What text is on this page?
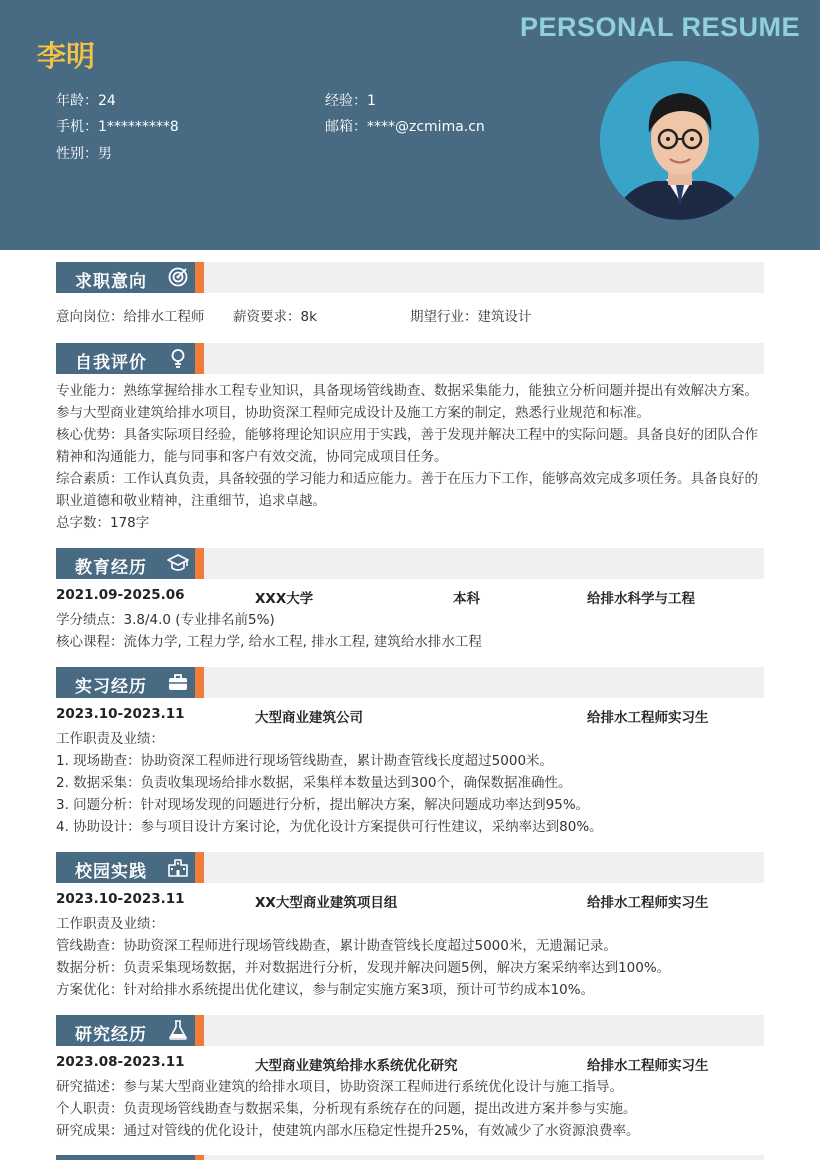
PERSONAL RESUME
李明
年龄：24	经验：1
手机：1*********8	邮箱：****@zcmima.cn
性别：男
求职意向
意向岗位：给排水工程师 薪资要求：8k	期望行业：建筑设计
自我评价
专业能力：熟练掌握给排水工程专业知识，具备现场管线勘查、数据采集能力，能独立分析问题并提出有效解决方案。参与大型商业建筑给排水项目，协助资深工程师完成设计及施工方案的制定，熟悉行业规范和标准。
核心优势：具备实际项目经验，能够将理论知识应用于实践，善于发现并解决工程中的实际问题。具备良好的团队合作精神和沟通能力，能与同事和客户有效交流，协同完成项目任务。
综合素质：工作认真负责，具备较强的学习能力和适应能力。善于在压力下工作，能够高效完成多项任务。具备良好的职业道德和敬业精神，注重细节，追求卓越。
总字数：178字
教育经历
2021.09-2025.06	XXX大学	本科	给排水科学与工程
学分绩点：3.8/4.0 (专业排名前5%)
核心课程：流体力学, 工程力学, 给水工程, 排水工程, 建筑给水排水工程
实习经历
2023.10-2023.11	大型商业建筑公司	给排水工程师实习生
工作职责及业绩：
1. 现场勘查：协助资深工程师进行现场管线勘查，累计勘查管线长度超过5000米。
2. 数据采集：负责收集现场给排水数据，采集样本数量达到300个，确保数据准确性。
3. 问题分析：针对现场发现的问题进行分析，提出解决方案，解决问题成功率达到95%。
4. 协助设计：参与项目设计方案讨论，为优化设计方案提供可行性建议，采纳率达到80%。
校园实践
2023.10-2023.11	XX大型商业建筑项目组	给排水工程师实习生
工作职责及业绩：
管线勘查：协助资深工程师进行现场管线勘查，累计勘查管线长度超过5000米，无遗漏记录。
数据分析：负责采集现场数据，并对数据进行分析，发现并解决问题5例，解决方案采纳率达到100%。
方案优化：针对给排水系统提出优化建议，参与制定实施方案3项，预计可节约成本10%。
研究经历
2023.08-2023.11	大型商业建筑给排水系统优化研究	给排水工程师实习生
研究描述：参与某大型商业建筑的给排水项目，协助资深工程师进行系统优化设计与施工指导。
个人职责：负责现场管线勘查与数据采集，分析现有系统存在的问题，提出改进方案并参与实施。
研究成果：通过对管线的优化设计，使建筑内部水压稳定性提升25%，有效减少了水资源浪费率。
